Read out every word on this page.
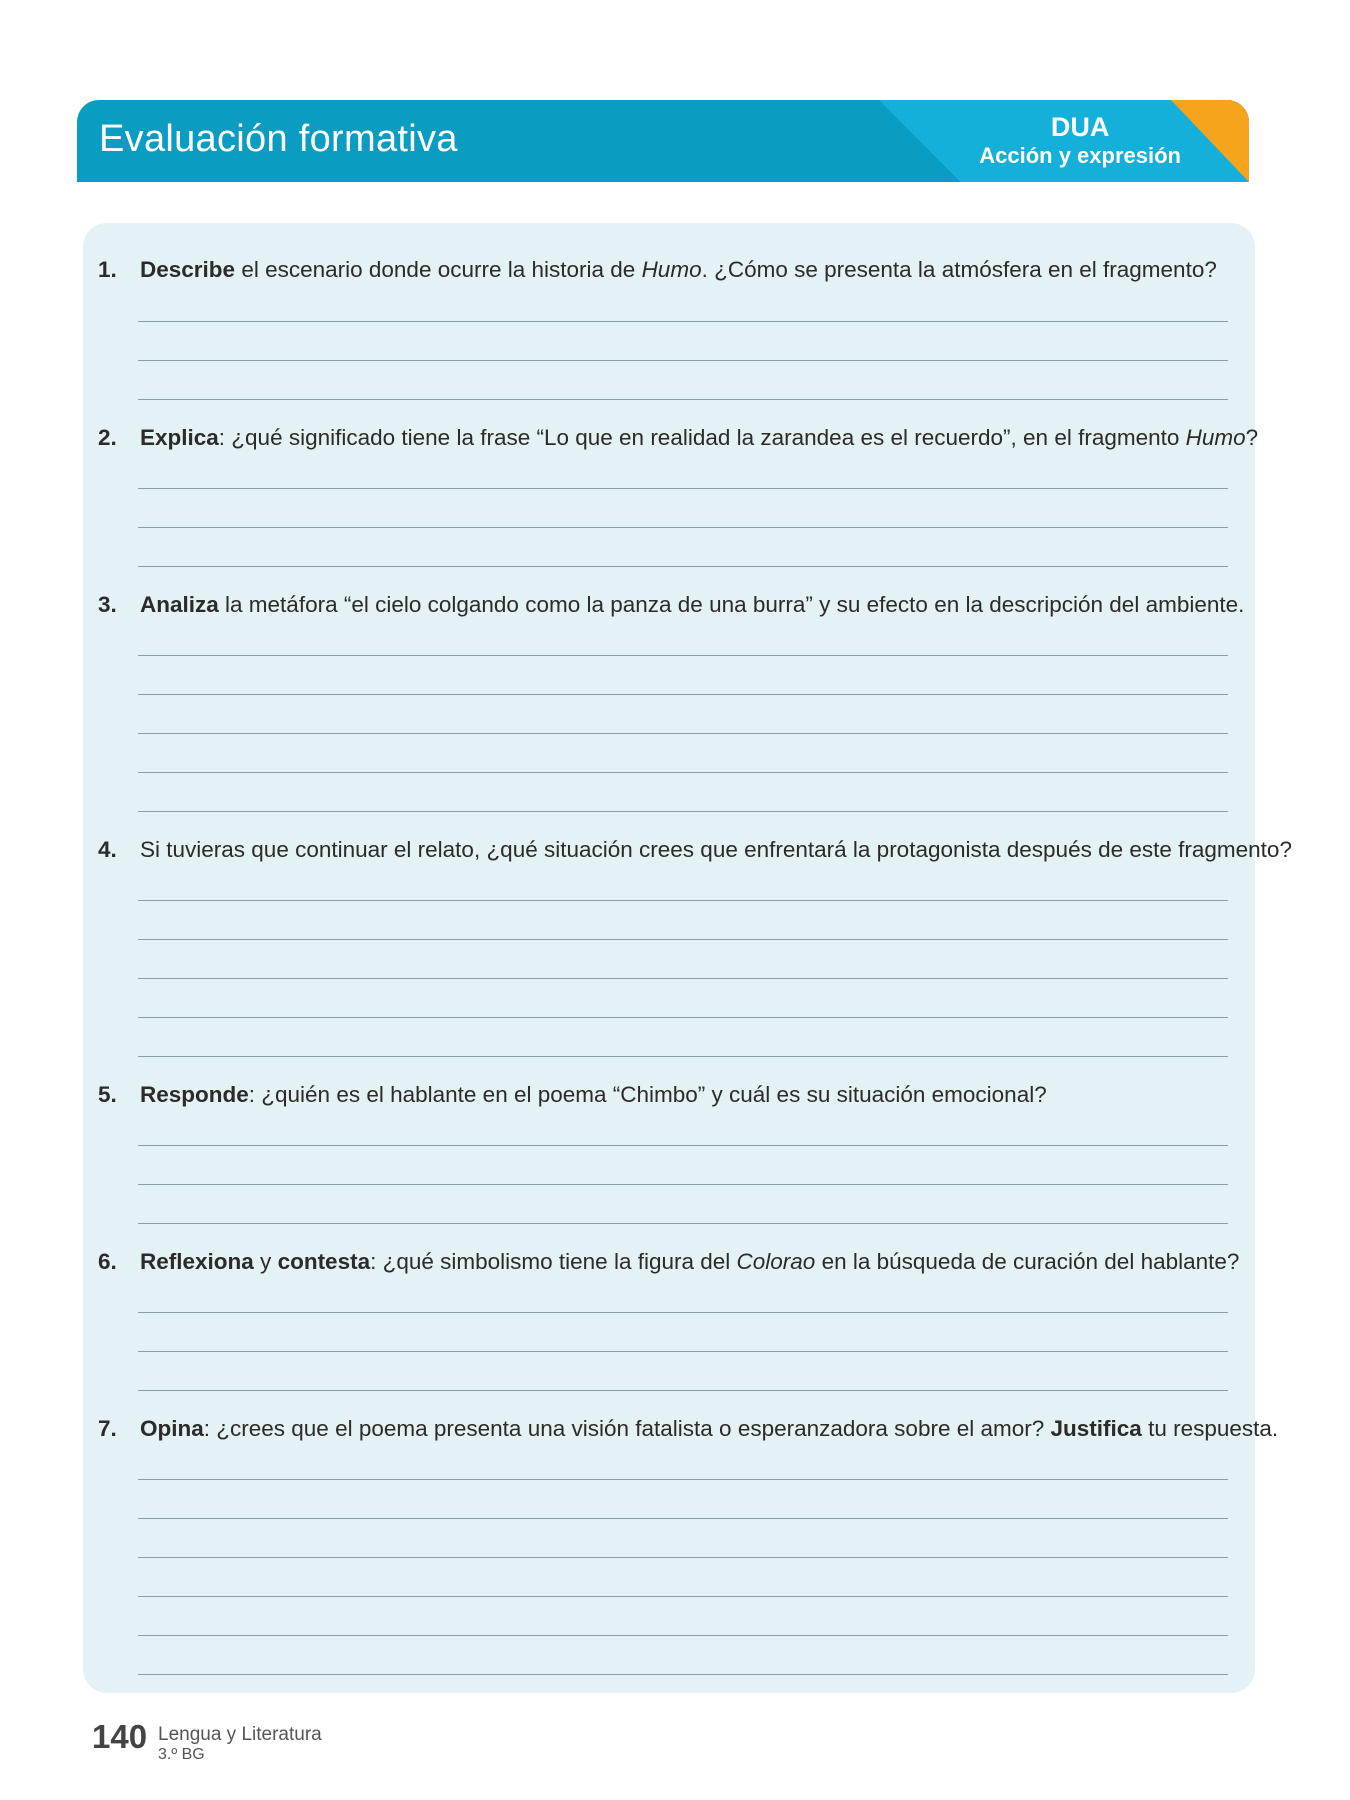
Evaluación formativa	DUA
Acción y expresión
1. Describe el escenario donde ocurre la historia de Humo. ¿Cómo se presenta la atmósfera en el fragmento?
2. Explica: ¿qué significado tiene la frase “Lo que en realidad la zarandea es el recuerdo”, en el fragmento Humo?
3. Analiza la metáfora “el cielo colgando como la panza de una burra” y su efecto en la descripción del ambiente.
4. Si tuvieras que continuar el relato, ¿qué situación crees que enfrentará la protagonista después de este fragmento?
5. Responde: ¿quién es el hablante en el poema “Chimbo” y cuál es su situación emocional?
6. Reflexiona y contesta: ¿qué simbolismo tiene la figura del Colorao en la búsqueda de curación del hablante?
7. Opina: ¿crees que el poema presenta una visión fatalista o esperanzadora sobre el amor? Justifica tu respuesta.
140 Lengua y Literatura
3.º BG
